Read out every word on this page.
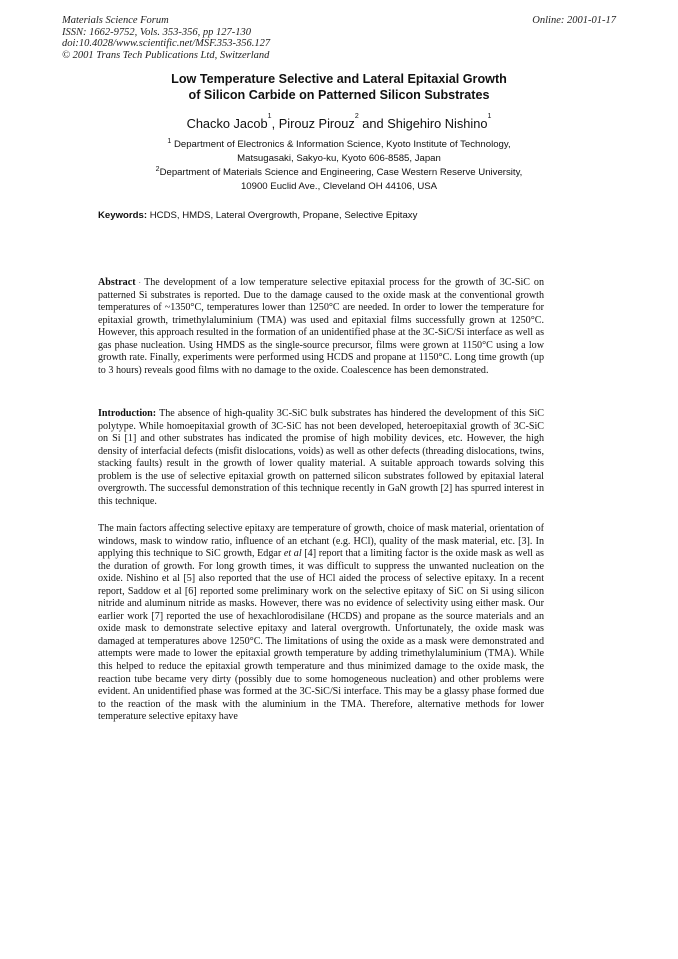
Materials Science Forum
ISSN: 1662-9752, Vols. 353-356, pp 127-130
doi:10.4028/www.scientific.net/MSF.353-356.127
© 2001 Trans Tech Publications Ltd, Switzerland
Online: 2001-01-17
Low Temperature Selective and Lateral Epitaxial Growth
of Silicon Carbide on Patterned Silicon Substrates
Chacko Jacob$^1$, Pirouz Pirouz$^2$ and Shigehiro Nishino$^1$
$^1$ Department of Electronics & Information Science, Kyoto Institute of Technology,
Matsugasaki, Sakyo-ku, Kyoto 606-8585, Japan
$^2$Department of Materials Science and Engineering, Case Western Reserve University,
10900 Euclid Ave., Cleveland OH 44106, USA
Keywords: HCDS, HMDS, Lateral Overgrowth, Propane, Selective Epitaxy
Abstract · The development of a low temperature selective epitaxial process for the growth of 3C-SiC on patterned Si substrates is reported. Due to the damage caused to the oxide mask at the conventional growth temperatures of ~1350°C, temperatures lower than 1250°C are needed. In order to lower the temperature for epitaxial growth, trimethylaluminium (TMA) was used and epitaxial films successfully grown at 1250°C. However, this approach resulted in the formation of an unidentified phase at the 3C-SiC/Si interface as well as gas phase nucleation. Using HMDS as the single-source precursor, films were grown at 1150°C using a low growth rate. Finally, experiments were performed using HCDS and propane at 1150°C. Long time growth (up to 3 hours) reveals good films with no damage to the oxide. Coalescence has been demonstrated.
Introduction: The absence of high-quality 3C-SiC bulk substrates has hindered the development of this SiC polytype. While homoepitaxial growth of 3C-SiC has not been developed, heteroepitaxial growth of 3C-SiC on Si [1] and other substrates has indicated the promise of high mobility devices, etc. However, the high density of interfacial defects (misfit dislocations, voids) as well as other defects (threading dislocations, twins, stacking faults) result in the growth of lower quality material. A suitable approach towards solving this problem is the use of selective epitaxial growth on patterned silicon substrates followed by epitaxial lateral overgrowth. The successful demonstration of this technique recently in GaN growth [2] has spurred interest in this technique.
The main factors affecting selective epitaxy are temperature of growth, choice of mask material, orientation of windows, mask to window ratio, influence of an etchant (e.g. HCl), quality of the mask material, etc. [3]. In applying this technique to SiC growth, Edgar et al [4] report that a limiting factor is the oxide mask as well as the duration of growth. For long growth times, it was difficult to suppress the unwanted nucleation on the oxide. Nishino et al [5] also reported that the use of HCl aided the process of selective epitaxy. In a recent report, Saddow et al [6] reported some preliminary work on the selective epitaxy of SiC on Si using silicon nitride and aluminum nitride as masks. However, there was no evidence of selectivity using either mask. Our earlier work [7] reported the use of hexachlorodisilane (HCDS) and propane as the source materials and an oxide mask to demonstrate selective epitaxy and lateral overgrowth. Unfortunately, the oxide mask was damaged at temperatures above 1250°C. The limitations of using the oxide as a mask were demonstrated and attempts were made to lower the epitaxial growth temperature by adding trimethylaluminium (TMA). While this helped to reduce the epitaxial growth temperature and thus minimized damage to the oxide mask, the reaction tube became very dirty (possibly due to some homogeneous nucleation) and other problems were evident. An unidentified phase was formed at the 3C-SiC/Si interface. This may be a glassy phase formed due to the reaction of the mask with the aluminium in the TMA. Therefore, alternative methods for lower temperature selective epitaxy have
